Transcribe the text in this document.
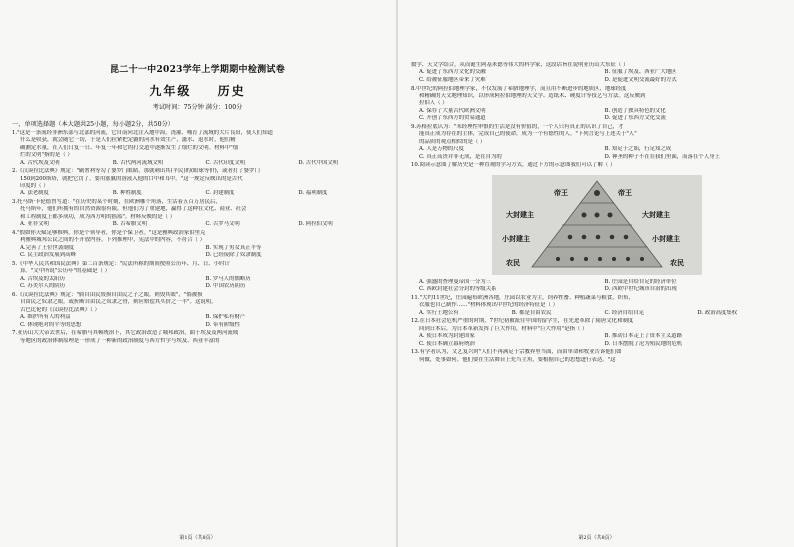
昆二十一中2023学年上学期期中检测试卷
九年级 历史
考试时间：75分钟 满分：100分
一、单项选择题（本大题共25小题，每小题2分，共50分）
1."这是一条流经非洲东部与北部的河流，它自南向北注入地中海，浇灌、哺育了流域的大片良田，使人们知道
什么是收获，就会随它一切，于是人们拉紧把定疆的河水有效生产，滋水、退水时，他们精
确测定水量，在人们日复一日、年复一年和它的打交道中逐渐发生了灿烂的文明。材料中"灿
烂的文明"指的是（ ）
A. 古代埃及文明	B. 古代两河流域文明	C. 古代印度文明	D. 古代中国文明
2.《汉谟拉比法典》规定："刷奢利等勾了婆罗门眼睛，那就刺出其(平民)的(眼球等价)，或者打了婆罗门
150到200斯塔，就把它罚了，要用涨腻的溶液入他的口中和耳中。"这一规定反映出的是古代
印度的（ ）
A. 法老制度	B. 种姓制度	C. 封建制度	D. 福利制度
3.托马斯·卡伦德曾写道："在历史的某个时刻，在欧洲哪个角落，生活着五百万居民后，
托马斯年，他们所拥有的自然资源很有限，但他们为了重建地，赢得了这种在文化、商业、社会
和工程制度上都多成功，成为西方明的摇篮"。材料反映的是（ ）
A. 亚非文明	B. 古希腊文明	C. 古罗马文明	D. 阿拉伯文明
4."假如你天赋足够推典，你是个领导者，你是个保卫者。"这是雅典政治家伯里克
利雅典城邦公民之间的不开放内容。下列推理中，宪法中的内容，不符合（ ）
A.完善了王位世袭制度	B. 实现了男女真正平等
C. 民主政治发展到高峰	D. 已经废除了奴隶制度
5.《中华人民共和国民法典》第二百条规定："民法所称的期间按照公历年、月、日、小时计
算。"文中所说"公历年"的基础是（ ）
A. 古埃及的太阳历	B. 罗马人的儒略历
C. 苏美尔人的阴历	D. 中国农历阴历
6.《汉谟拉比法典》规定："倘自由民毁损自由民之子之眼，则毁其眼"，"倘被损
自由民之奴隶之眼，或折断自由民之奴隶之骨，则应赔偿其买价之一半"。这说明，
古巴比伦的《汉谟拉比法典》（ ）
A. 维护所有人的利益	B. 保护私有财产
C. 体现绝对的平等的思想	D. 带有阶级性
7.亚历山大大帝去世后，在希腊马其顿统治下，其它政治改造了城邦政治，曲于埃及及两河流域
等地区的政治体制原理是一形成了一种新的政治制度与西方哲学与埃及、西亚丰富的
第1页（共8页）
数学、天文学结合，从而诞生阿基米德等伟大的科学家，这段话旨在说明亚历山大东征（ ）
A. 促进了东西方文化的交融	B. 征服了埃及、西亚广大地区
C. 给被征服地区带来了灾难	D. 是促进文明交流最好的方式
8.中世纪的阿拉伯地理学家，不仅发展了希腊地理学，而且用不断进步的地质区、地球经度
和精确的天文地理知识，以形成阿拉伯地理的天文学、造纸术、硬度计等技艺与方法。这反映到
拉伯人（ ）
A. 保存了大量古代欧洲文明	B. 创造了独具特色的文化
C. 开创了东西方的贸易通道	D. 促进了东西方文化交流
9.苏格拉底认为："未经理性审慎的生活是没有价值的，一个人只有真正的认识了自己，才
能真正成为存在的主体，完成自己的使命，成为一个有德性的人。"下列言论与上述关于"人"
的品质的观点相似的是（ ）
A. 人是万物的尺度	B. 知足于之始，行足知之成
C. 真正高贵并非无成，是在自为的	D. 神圣的种子不在在我们里面，而落在个人身上
10.阅读示意图了解历史是一种直观的学习方式。通过下方的示意图我们可以了解（ ）
帝王	帝王
大封建主	大封建主
小封建主	小封建主
农民	农民
A. 强盛的查理曼帝国一分为三	B. 庄园是自给自足的经济单位
C. 西欧封建社会分封的等级关系	D. 西欧中世纪城市自治的出现
11."大约11世纪，庄园遍布欧洲各地，庄园以农业为主，饲养牲畜、种植蔬菜与粮食，织布，
衣服也自己制作……"材料体现出中世纪的经济特征是（ ）
A. 实行土地公有	B. 都是自由农民	C. 经济自给自足	D. 政治高度集权
12.在日本社会危机严重的时期，7世纪初被派往中国的留学生，在先进革除了隋唐文化和制度
回到日本后，为日本革新发挥了巨大作用，材料中"巨大作用"是指（ ）
A. 使日本成为封建国家	B. 推动日本走上了资本主义道路
C. 使日本确立幕府统治	D. 日本摆脱了沦为殖民地的危机
13.有学者认为，文艺复兴时"人们不再满足于宗教界里当面，而由单命和牧业告诉他们如
何做，处事如何。他们要在生活舞台上充当主角，要根据自己的思想进行表达。"这
第2页（共8页）
